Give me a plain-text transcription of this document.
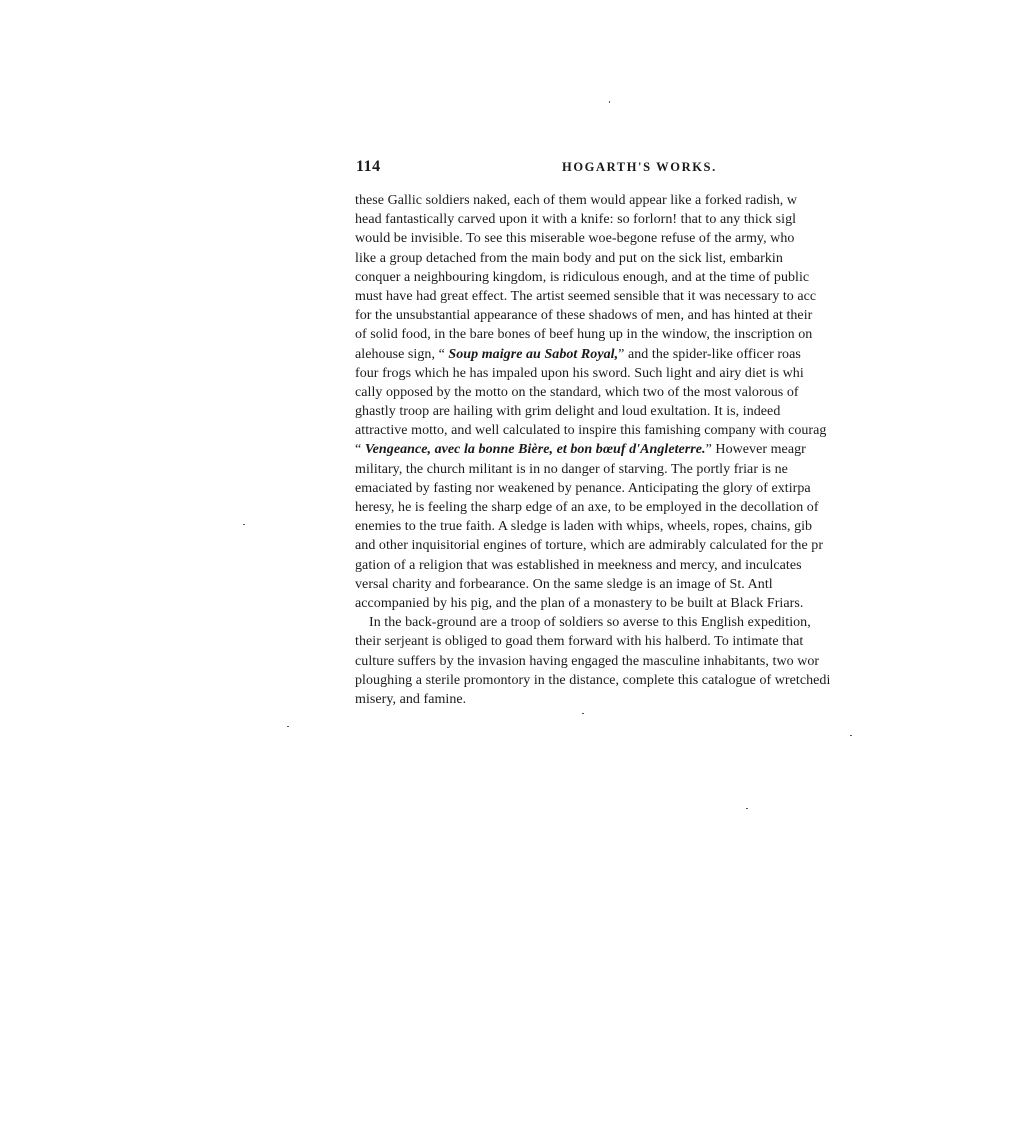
114	HOGARTH'S WORKS.
these Gallic soldiers naked, each of them would appear like a forked radish, w
head fantastically carved upon it with a knife: so forlorn! that to any thick sigl
would be invisible. To see this miserable woe-begone refuse of the army, who
like a group detached from the main body and put on the sick list, embarkin
conquer a neighbouring kingdom, is ridiculous enough, and at the time of public
must have had great effect. The artist seemed sensible that it was necessary to acc
for the unsubstantial appearance of these shadows of men, and has hinted at their
of solid food, in the bare bones of beef hung up in the window, the inscription on
alehouse sign, “ Soup maigre au Sabot Royal,” and the spider-like officer roas
four frogs which he has impaled upon his sword. Such light and airy diet is whi
cally opposed by the motto on the standard, which two of the most valorous of
ghastly troop are hailing with grim delight and loud exultation. It is, indeed
attractive motto, and well calculated to inspire this famishing company with courag
“ Vengeance, avec la bonne Bière, et bon bœuf d'Angleterre.” However meagr
military, the church militant is in no danger of starving. The portly friar is ne
emaciated by fasting nor weakened by penance. Anticipating the glory of extirpa
heresy, he is feeling the sharp edge of an axe, to be employed in the decollation of
enemies to the true faith. A sledge is laden with whips, wheels, ropes, chains, gib
and other inquisitorial engines of torture, which are admirably calculated for the pr
gation of a religion that was established in meekness and mercy, and inculcates
versal charity and forbearance. On the same sledge is an image of St. Antl
accompanied by his pig, and the plan of a monastery to be built at Black Friars.
In the back-ground are a troop of soldiers so averse to this English expedition,
their serjeant is obliged to goad them forward with his halberd. To intimate that
culture suffers by the invasion having engaged the masculine inhabitants, two wor
ploughing a sterile promontory in the distance, complete this catalogue of wretchedi
misery, and famine.
